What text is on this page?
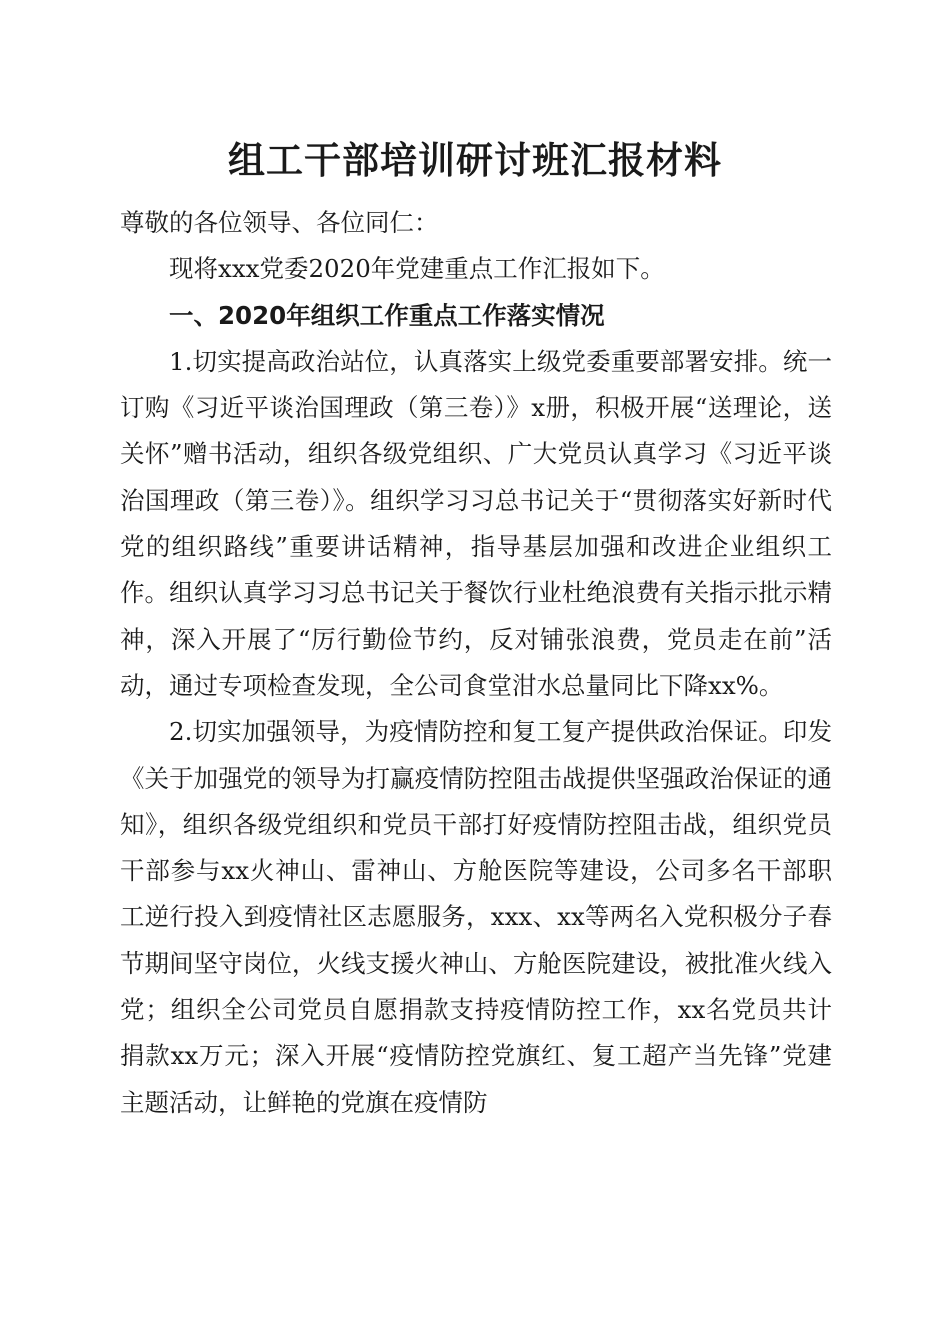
组工干部培训研讨班汇报材料

尊敬的各位领导、各位同仁：

现将xxx党委2020年党建重点工作汇报如下。

一、2020年组织工作重点工作落实情况

1.切实提高政治站位，认真落实上级党委重要部署安排。统一订购《习近平谈治国理政（第三卷）》x册，积极开展“送理论，送关怀”赠书活动，组织各级党组织、广大党员认真学习《习近平谈治国理政（第三卷）》。组织学习习总书记关于“贯彻落实好新时代党的组织路线”重要讲话精神，指导基层加强和改进企业组织工作。组织认真学习习总书记关于餐饮行业杜绝浪费有关指示批示精神，深入开展了“厉行勤俭节约，反对铺张浪费，党员走在前”活动，通过专项检查发现，全公司食堂泔水总量同比下降xx%。

2.切实加强领导，为疫情防控和复工复产提供政治保证。印发《关于加强党的领导为打赢疫情防控阻击战提供坚强政治保证的通知》，组织各级党组织和党员干部打好疫情防控阻击战，组织党员干部参与xx火神山、雷神山、方舱医院等建设，公司多名干部职工逆行投入到疫情社区志愿服务，xxx、xx等两名入党积极分子春节期间坚守岗位，火线支援火神山、方舱医院建设，被批准火线入党；组织全公司党员自愿捐款支持疫情防控工作，xx名党员共计捐款xx万元；深入开展“疫情防控党旗红、复工超产当先锋”党建主题活动，让鲜艳的党旗在疫情防
